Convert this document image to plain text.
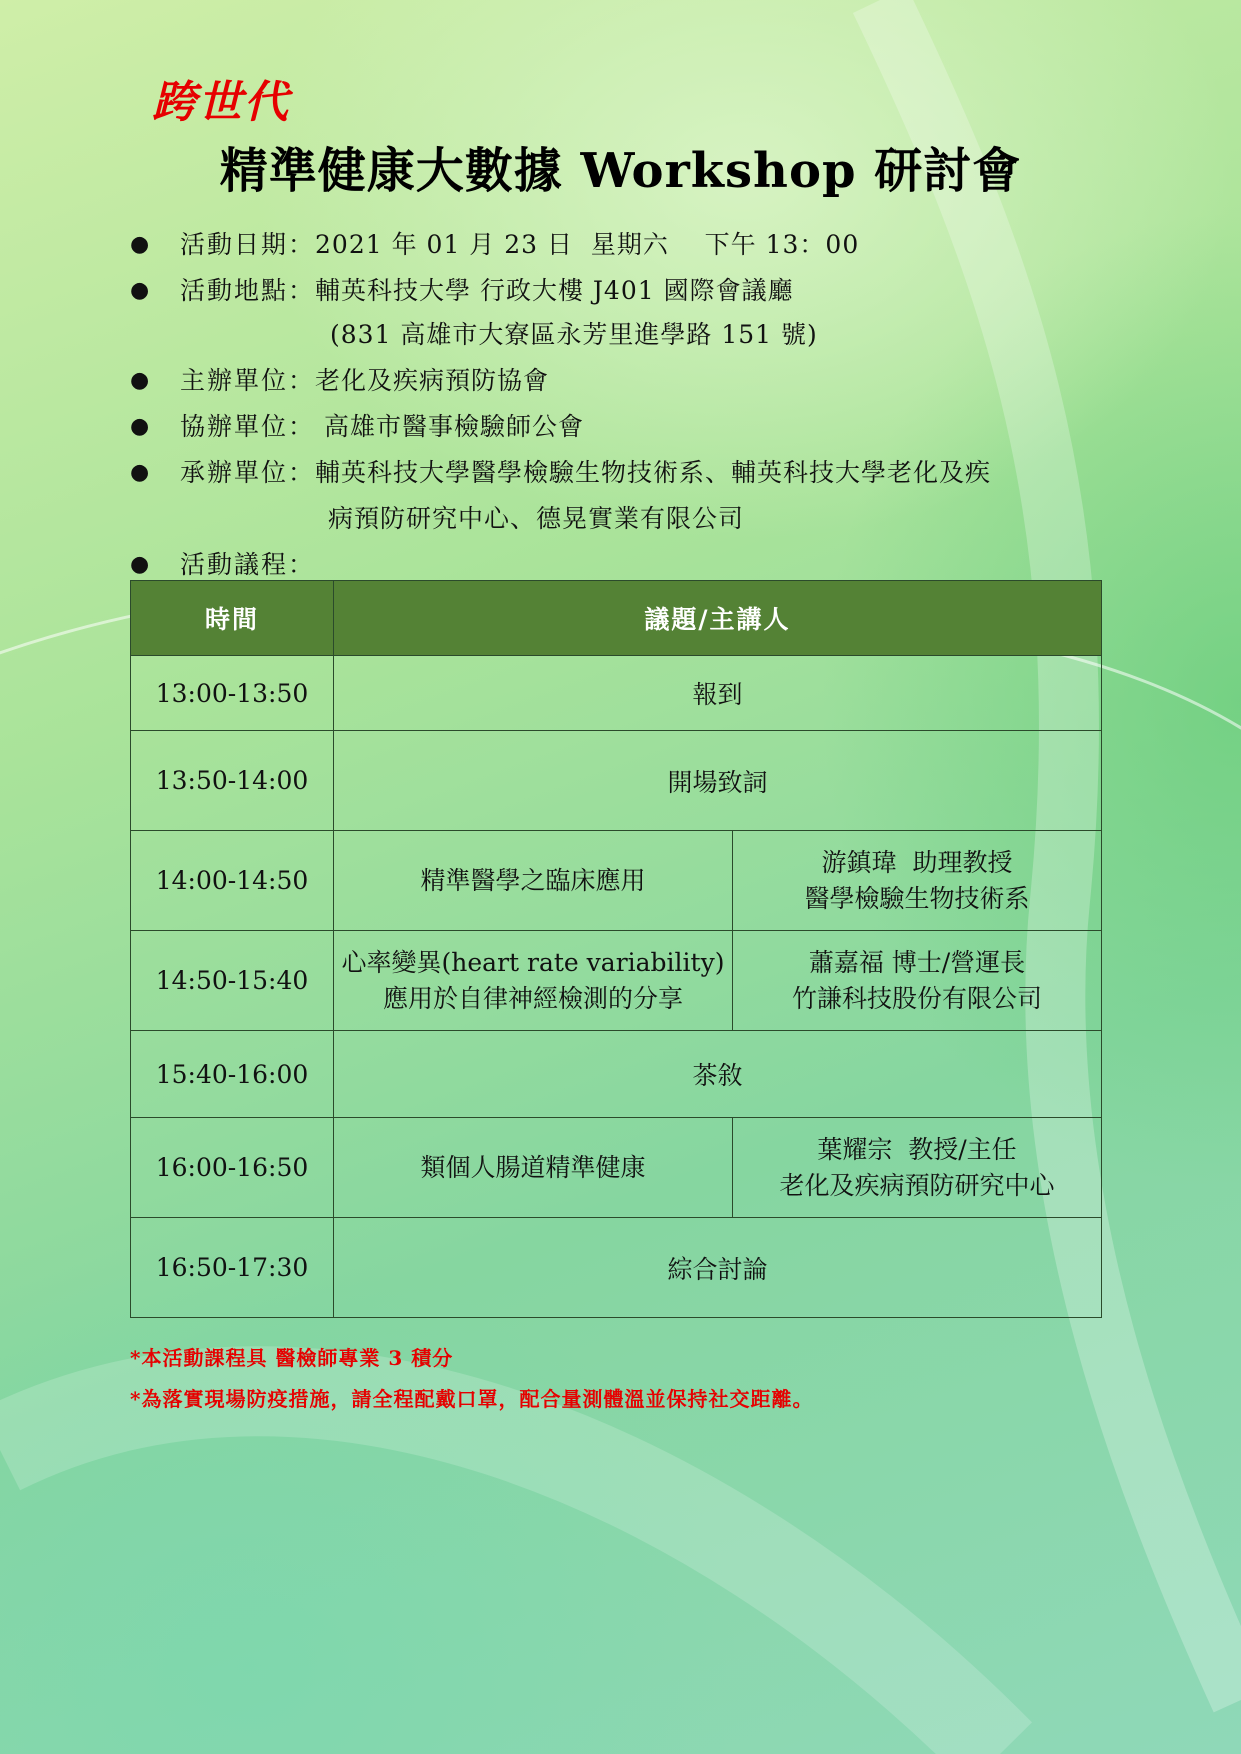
跨世代
精準健康大數據 Workshop 研討會
●	活動日期： 2021 年 01 月 23 日  星期六    下午 13：00
●	活動地點： 輔英科技大學 行政大樓 J401 國際會議廳
(831 高雄市大寮區永芳里進學路 151 號)
●	主辦單位： 老化及疾病預防協會
●	協辦單位： 高雄市醫事檢驗師公會
●	承辦單位： 輔英科技大學醫學檢驗生物技術系、輔英科技大學老化及疾
病預防研究中心、德晃實業有限公司
●	活動議程：
時間	議題/主講人	
13:00-13:50	報到	
13:50-14:00	開場致詞	
14:00-14:50	精準醫學之臨床應用	游鎮瑋  助理教授
醫學檢驗生物技術系

14:50-15:40	心率變異(heart rate variability)
應用於自律神經檢測的分享	蕭嘉福 博士/營運長
竹謙科技股份有限公司

15:40-16:00	茶敘	
16:00-16:50	類個人腸道精準健康	葉耀宗  教授/主任
老化及疾病預防研究中心

16:50-17:30	綜合討論	
*本活動課程具 醫檢師專業 3 積分
*為落實現場防疫措施，請全程配戴口罩，配合量測體溫並保持社交距離。
